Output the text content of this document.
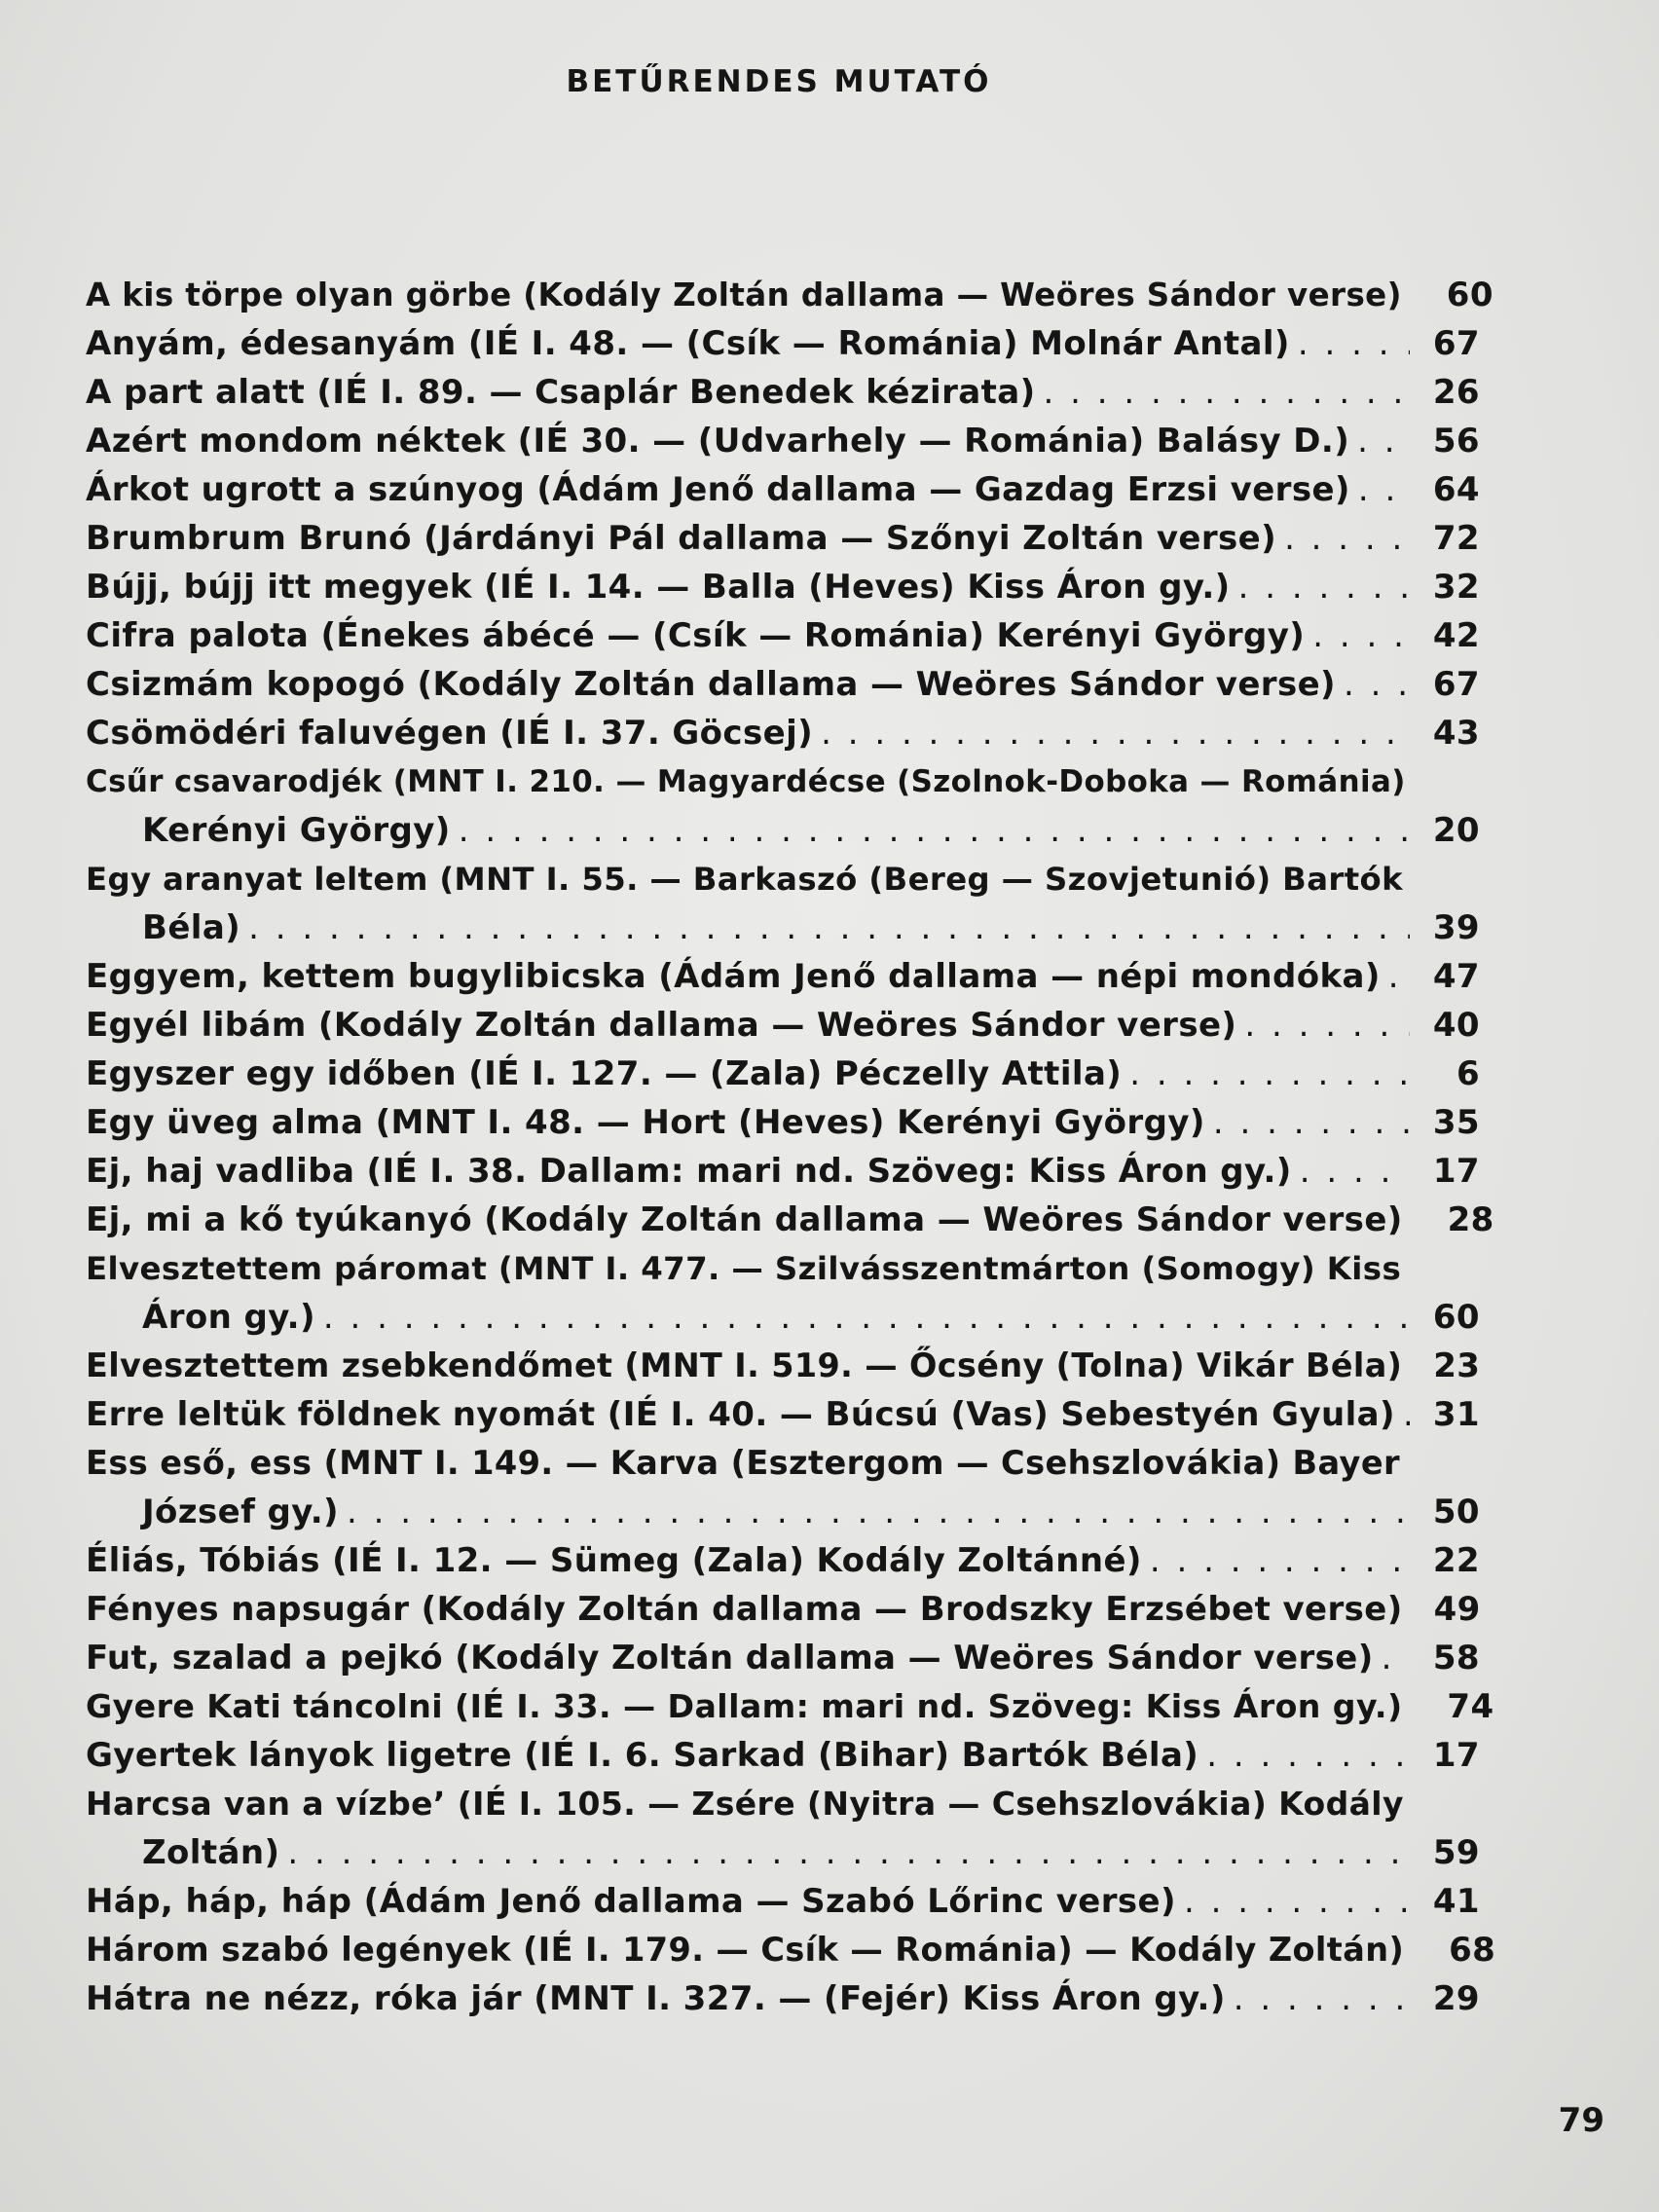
BETŰRENDES MUTATÓ
A kis törpe olyan görbe (Kodály Zoltán dallama — Weöres Sándor verse)	60
Anyám, édesanyám (IÉ I. 48. — (Csík — Románia) Molnár Antal) . . .	67
A part alatt (IÉ I. 89. — Csaplár Benedek kézirata) . . .	26
Azért mondom néktek (IÉ 30. — (Udvarhely — Románia) Balásy D.) . . .	56
Árkot ugrott a szúnyog (Ádám Jenő dallama — Gazdag Erzsi verse) . . .	64
Brumbrum Brunó (Járdányi Pál dallama — Szőnyi Zoltán verse) . . .	72
Bújj, bújj itt megyek (IÉ I. 14. — Balla (Heves) Kiss Áron gy.) . . .	32
Cifra palota (Énekes ábécé — (Csík — Románia) Kerényi György) . . .	42
Csizmám kopogó (Kodály Zoltán dallama — Weöres Sándor verse) . . .	67
Csömödéri faluvégen (IÉ I. 37. Göcsej) . . .	43
Csűr csavarodjék (MNT I. 210. — Magyardécse (Szolnok-Doboka — Románia)
Kerényi György) . . .	20
Egy aranyat leltem (MNT I. 55. — Barkaszó (Bereg — Szovjetunió) Bartók
Béla) . . .	39
Eggyem, kettem bugylibicska (Ádám Jenő dallama — népi mondóka) . . .	47
Egyél libám (Kodály Zoltán dallama — Weöres Sándor verse) . . .	40
Egyszer egy időben (IÉ I. 127. — (Zala) Péczelly Attila) . . .	6
Egy üveg alma (MNT I. 48. — Hort (Heves) Kerényi György) . . .	35
Ej, haj vadliba (IÉ I. 38. Dallam: mari nd. Szöveg: Kiss Áron gy.) . . .	17
Ej, mi a kő tyúkanyó (Kodály Zoltán dallama — Weöres Sándor verse)	28
Elvesztettem páromat (MNT I. 477. — Szilvásszentmárton (Somogy) Kiss
Áron gy.) . . .	60
Elvesztettem zsebkendőmet (MNT I. 519. — Őcsény (Tolna) Vikár Béla) 23
Erre leltük földnek nyomát (IÉ I. 40. — Búcsú (Vas) Sebestyén Gyula) . . .	31
Ess eső, ess (MNT I. 149. — Karva (Esztergom — Csehszlovákia) Bayer
József gy.) . . .	50
Éliás, Tóbiás (IÉ I. 12. — Sümeg (Zala) Kodály Zoltánné) . . .	22
Fényes napsugár (Kodály Zoltán dallama — Brodszky Erzsébet verse) 49
Fut, szalad a pejkó (Kodály Zoltán dallama — Weöres Sándor verse) . . .	58
Gyere Kati táncolni (IÉ I. 33. — Dallam: mari nd. Szöveg: Kiss Áron gy.)	74
Gyertek lányok ligetre (IÉ I. 6. Sarkad (Bihar) Bartók Béla) . . .	17
Harcsa van a vízbe’ (IÉ I. 105. — Zsére (Nyitra — Csehszlovákia) Kodály
Zoltán) . . .	59
Háp, háp, háp (Ádám Jenő dallama — Szabó Lőrinc verse) . . .	41
Három szabó legények (IÉ I. 179. — Csík — Románia) — Kodály Zoltán)	68
Hátra ne nézz, róka jár (MNT I. 327. — (Fejér) Kiss Áron gy.) . . .	29
79
